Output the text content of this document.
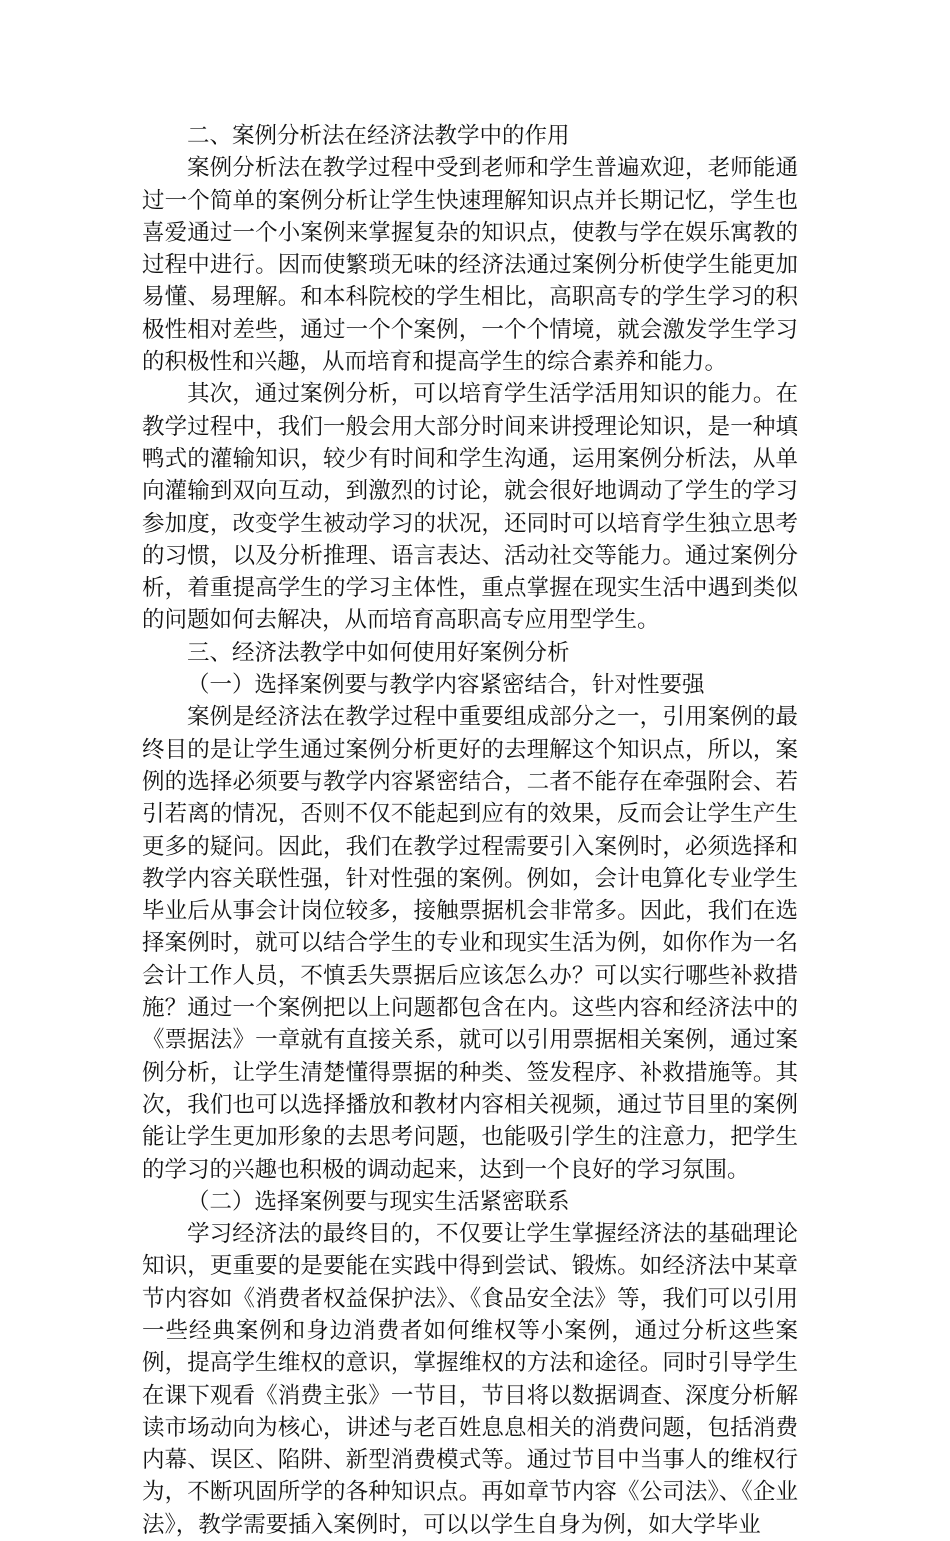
二、案例分析法在经济法教学中的作用

案例分析法在教学过程中受到老师和学生普遍欢迎，老师能通过一个简单的案例分析让学生快速理解知识点并长期记忆，学生也喜爱通过一个小案例来掌握复杂的知识点，使教与学在娱乐寓教的过程中进行。因而使繁琐无味的经济法通过案例分析使学生能更加易懂、易理解。和本科院校的学生相比，高职高专的学生学习的积极性相对差些，通过一个个案例，一个个情境，就会激发学生学习的积极性和兴趣，从而培育和提高学生的综合素养和能力。

其次，通过案例分析，可以培育学生活学活用知识的能力。在教学过程中，我们一般会用大部分时间来讲授理论知识，是一种填鸭式的灌输知识，较少有时间和学生沟通，运用案例分析法，从单向灌输到双向互动，到激烈的讨论，就会很好地调动了学生的学习参加度，改变学生被动学习的状况，还同时可以培育学生独立思考的习惯，以及分析推理、语言表达、活动社交等能力。通过案例分析，着重提高学生的学习主体性，重点掌握在现实生活中遇到类似的问题如何去解决，从而培育高职高专应用型学生。

三、经济法教学中如何使用好案例分析

（一）选择案例要与教学内容紧密结合，针对性要强

案例是经济法在教学过程中重要组成部分之一，引用案例的最终目的是让学生通过案例分析更好的去理解这个知识点，所以，案例的选择必须要与教学内容紧密结合，二者不能存在牵强附会、若引若离的情况，否则不仅不能起到应有的效果，反而会让学生产生更多的疑问。因此，我们在教学过程需要引入案例时，必须选择和教学内容关联性强，针对性强的案例。例如，会计电算化专业学生毕业后从事会计岗位较多，接触票据机会非常多。因此，我们在选择案例时，就可以结合学生的专业和现实生活为例，如你作为一名会计工作人员，不慎丢失票据后应该怎么办？可以实行哪些补救措施？通过一个案例把以上问题都包含在内。这些内容和经济法中的《票据法》一章就有直接关系，就可以引用票据相关案例，通过案例分析，让学生清楚懂得票据的种类、签发程序、补救措施等。其次，我们也可以选择播放和教材内容相关视频，通过节目里的案例能让学生更加形象的去思考问题，也能吸引学生的注意力，把学生的学习的兴趣也积极的调动起来，达到一个良好的学习氛围。

（二）选择案例要与现实生活紧密联系

学习经济法的最终目的，不仅要让学生掌握经济法的基础理论知识，更重要的是要能在实践中得到尝试、锻炼。如经济法中某章节内容如《消费者权益保护法》、《食品安全法》等，我们可以引用一些经典案例和身边消费者如何维权等小案例，通过分析这些案例，提高学生维权的意识，掌握维权的方法和途径。同时引导学生在课下观看《消费主张》一节目，节目将以数据调查、深度分析解读市场动向为核心，讲述与老百姓息息相关的消费问题，包括消费内幕、误区、陷阱、新型消费模式等。通过节目中当事人的维权行为，不断巩固所学的各种知识点。再如章节内容《公司法》、《企业法》，教学需要插入案例时，可以以学生自身为例，如大学毕业
